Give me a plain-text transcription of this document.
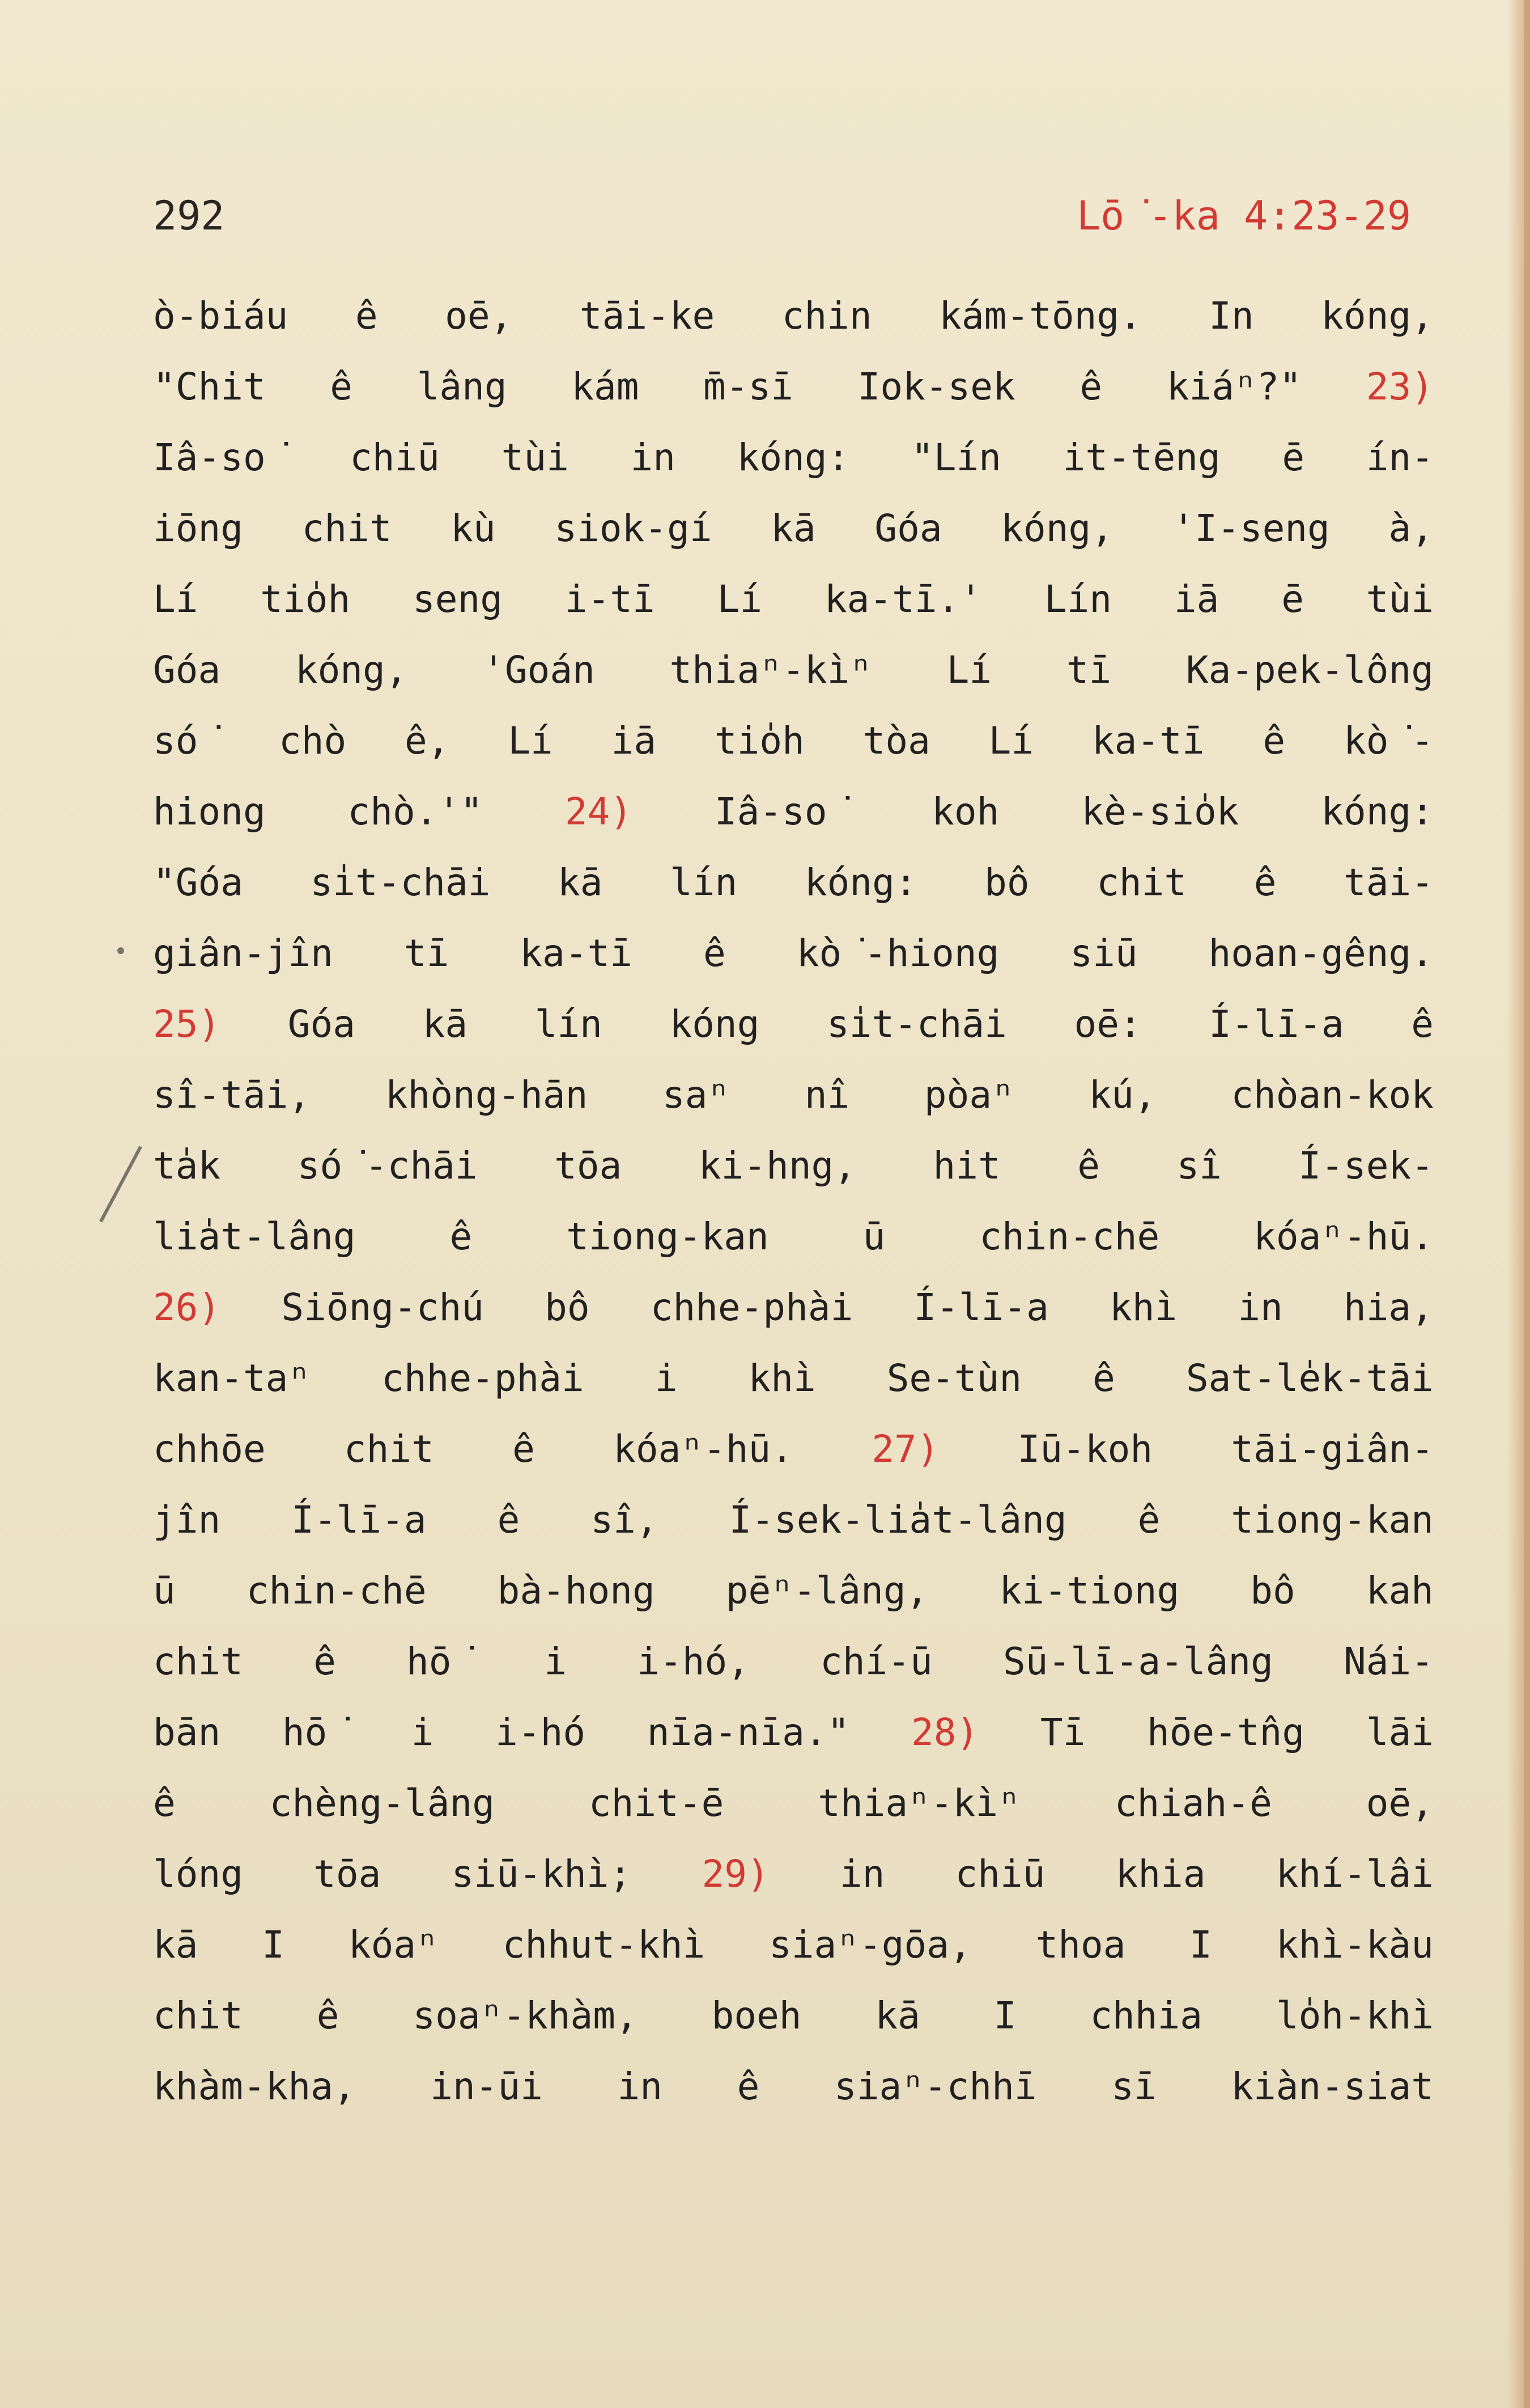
292	Lō͘-ka 4:23-29
ò-biáu ê oē, tāi-ke chin kám-tōng. In kóng,
"Chit ê lâng kám m̄-sī Iok-sek ê kiáⁿ?" 23)
Iâ-so͘ chiū tùi in kóng: "Lín it-tēng ē ín-
iōng chit kù siok-gí kā Góa kóng, 'I-seng à,
Lí tio̍h seng i-tī Lí ka-tī.' Lín iā ē tùi
Góa kóng, 'Goán thiaⁿ-kìⁿ Lí tī Ka-pek-lông
só͘ chò ê, Lí iā tio̍h tòa Lí ka-tī ê kò͘-
hiong chò.'" 24) Iâ-so͘ koh kè-sio̍k kóng:
"Góa si̍t-chāi kā lín kóng: bô chit ê tāi-
giân-jîn tī ka-tī ê kò͘-hiong siū hoan-gêng.
25) Góa kā lín kóng si̍t-chāi oē: Í-lī-a ê
sî-tāi, khòng-hān saⁿ nî pòaⁿ kú, chòan-kok
ta̍k só͘-chāi tōa ki-hng, hit ê sî Í-sek-
lia̍t-lâng	ê	tiong-kan	ū	chin-chē	kóaⁿ-hū.
26) Siōng-chú bô chhe-phài Í-lī-a khì in hia,
kan-taⁿ chhe-phài i khì Se-tùn ê Sat-le̍k-tāi
chhōe chit ê kóaⁿ-hū. 27) Iū-koh tāi-giân-
jîn Í-lī-a ê sî, Í-sek-lia̍t-lâng ê tiong-kan
ū chin-chē bà-hong pēⁿ-lâng, ki-tiong bô kah
chit ê hō͘ i i-hó, chí-ū Sū-lī-a-lâng Nái-
bān hō͘ i i-hó nīa-nīa." 28) Tī hōe-tn̂g lāi
ê	chèng-lâng	chit-ē	thiaⁿ-kìⁿ	chiah-ê	oē,
lóng tōa siū-khì; 29) in chiū khia khí-lâi
kā I kóaⁿ chhut-khì siaⁿ-gōa, thoa I khì-kàu
chit ê soaⁿ-khàm, boeh kā I chhia lo̍h-khì
khàm-kha, in-ūi in ê siaⁿ-chhī sī kiàn-siat
